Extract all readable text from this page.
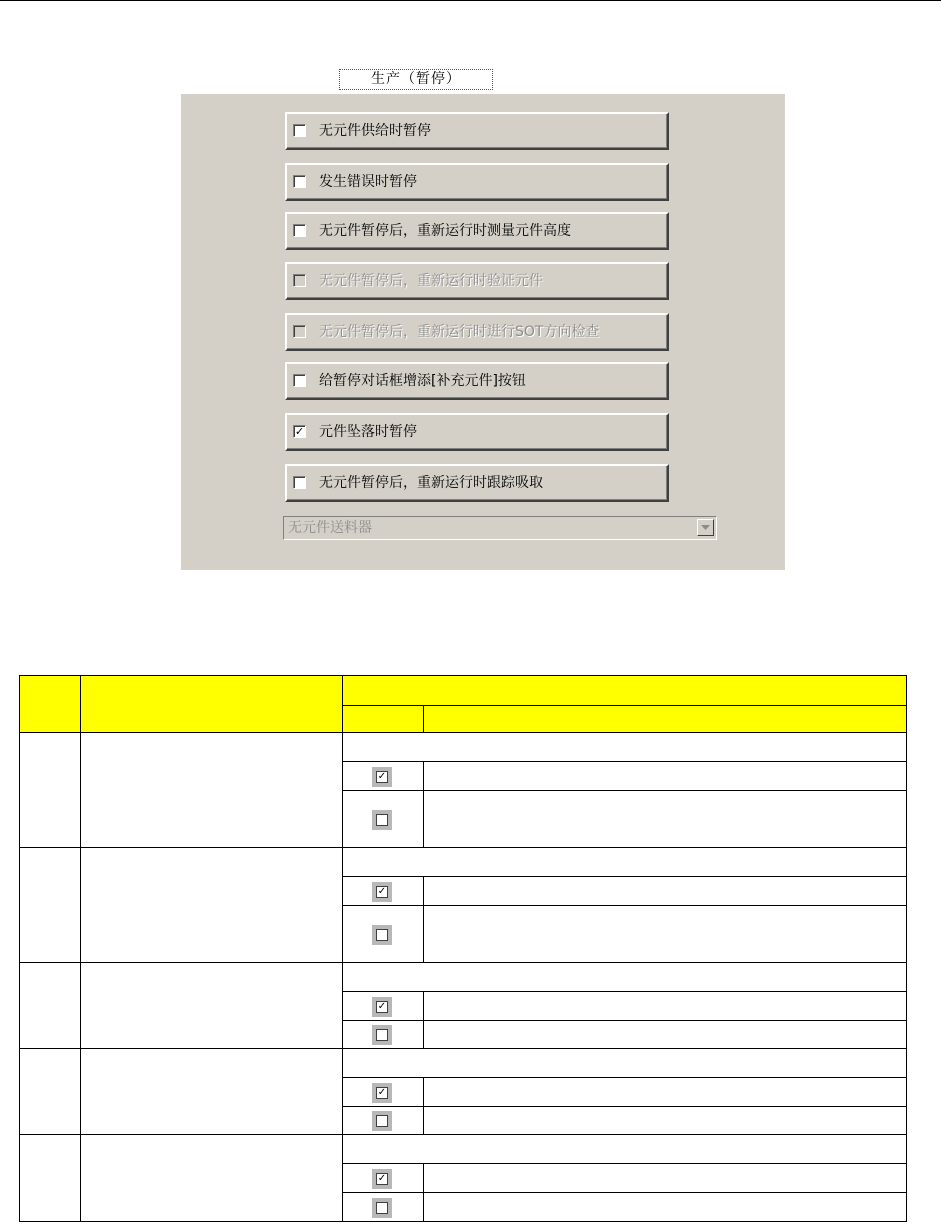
生产（暂停）
无元件供给时暂停
发生错误时暂停
无元件暂停后，重新运行时测量元件高度
无元件暂停后，重新运行时验证元件
无元件暂停后，重新运行时进行SOT方向检查
给暂停对话框增添[补充元件]按钮
✓ 元件坠落时暂停
无元件暂停后，重新运行时跟踪吸取
无元件送料器
✓
✓
✓
✓
✓
